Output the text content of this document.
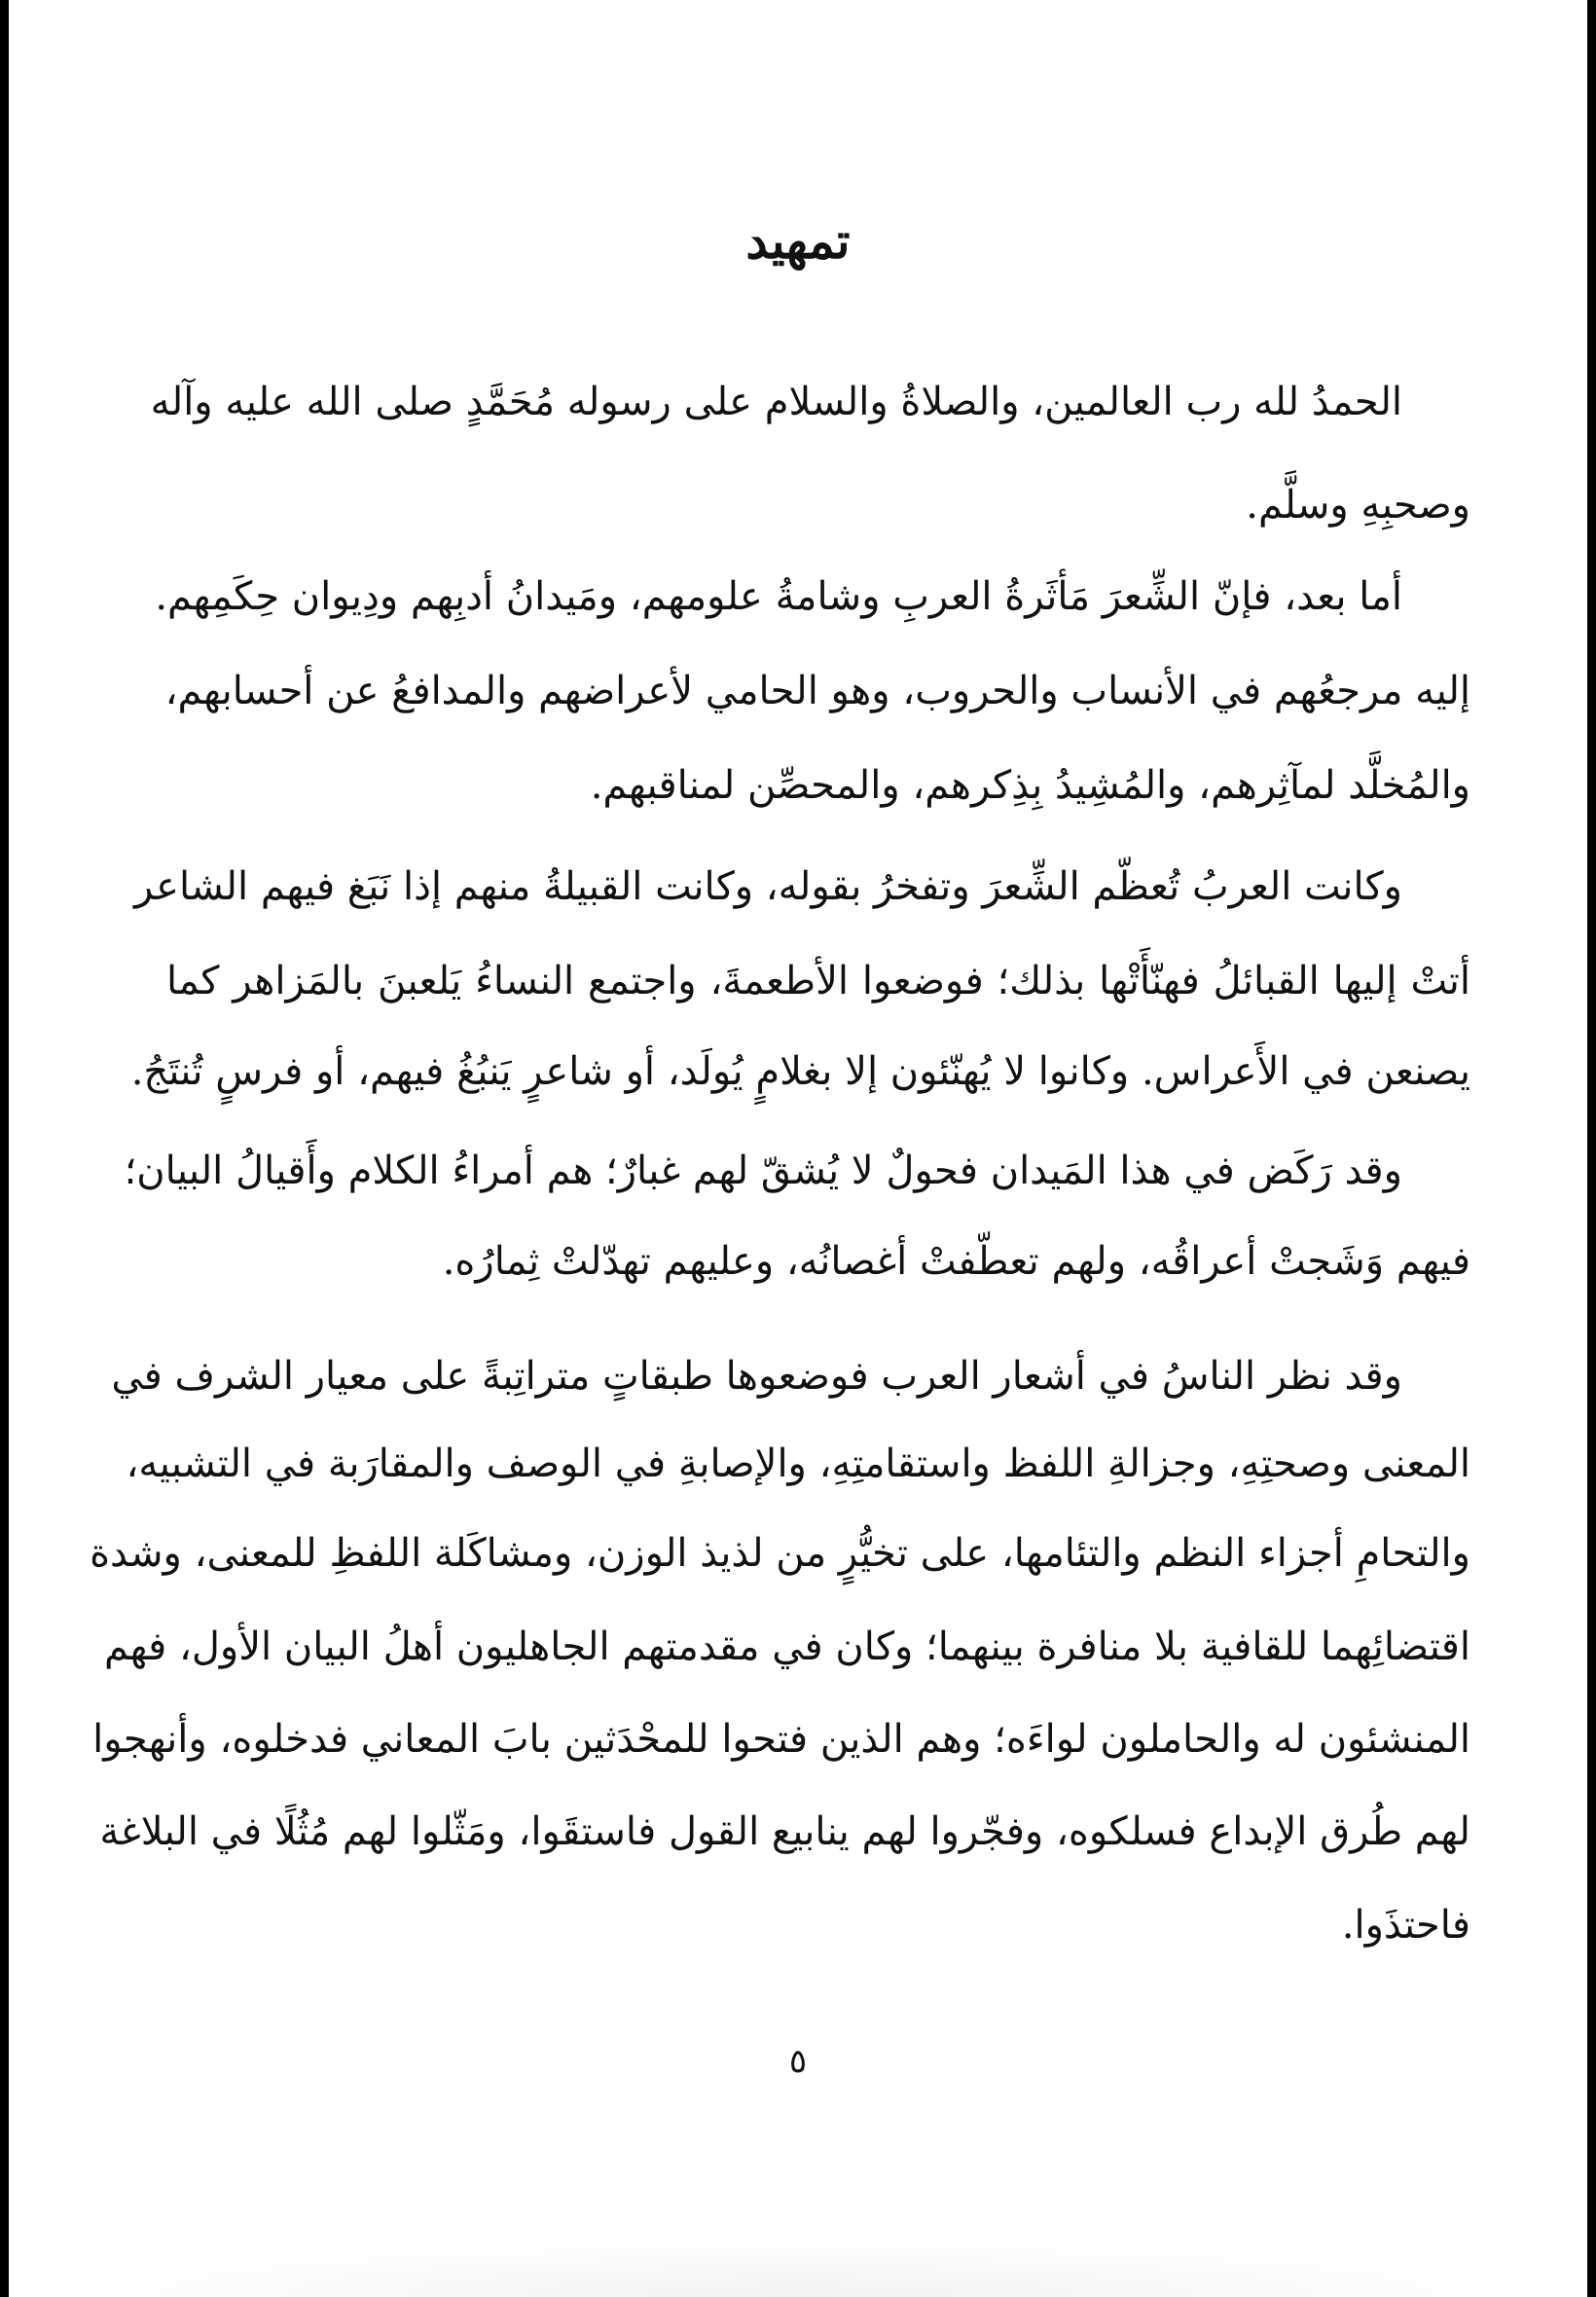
تمهيد
الحمدُ لله رب العالمين، والصلاةُ والسلام على رسوله مُحَمَّدٍ صلى الله عليه وآله
وصحبِهِ وسلَّم.
أما بعد، فإنّ الشِّعرَ مَأثَرةُ العربِ وشامةُ علومهم، ومَيدانُ أدبِهم ودِيوان حِكَمِهم.
إليه مرجعُهم في الأنساب والحروب، وهو الحامي لأعراضهم والمدافعُ عن أحسابهم،
والمُخلَّد لمآثِرهم، والمُشِيدُ بِذِكرهم، والمحصِّن لمناقبهم.
وكانت العربُ تُعظّم الشِّعرَ وتفخرُ بقوله، وكانت القبيلةُ منهم إذا نَبَغ فيهم الشاعر
أتتْ إليها القبائلُ فهنّأَتْها بذلك؛ فوضعوا الأطعمةَ، واجتمع النساءُ يَلعبنَ بالمَزاهر كما
يصنعن في الأَعراس. وكانوا لا يُهنّئون إلا بغلامٍ يُولَد، أو شاعرٍ يَنبُغُ فيهم، أو فرسٍ تُنتَجُ.
وقد رَكَض في هذا المَيدان فحولٌ لا يُشقّ لهم غبارٌ؛ هم أمراءُ الكلام وأَقيالُ البيان؛
فيهم وَشَجتْ أعراقُه، ولهم تعطّفتْ أغصانُه، وعليهم تهدّلتْ ثِمارُه.
وقد نظر الناسُ في أشعار العرب فوضعوها طبقاتٍ متراتِبةً على معيار الشرف في
المعنى وصحتِهِ، وجزالةِ اللفظ واستقامتِهِ، والإصابةِ في الوصف والمقارَبة في التشبيه،
والتحامِ أجزاء النظم والتئامها، على تخيُّرٍ من لذيذ الوزن، ومشاكَلة اللفظِ للمعنى، وشدة
اقتضائِهما للقافية بلا منافرة بينهما؛ وكان في مقدمتهم الجاهليون أهلُ البيان الأول، فهم
المنشئون له والحاملون لواءَه؛ وهم الذين فتحوا للمحْدَثين بابَ المعاني فدخلوه، وأنهجوا
لهم طُرق الإبداع فسلكوه، وفجّروا لهم ينابيع القول فاستقَوا، ومَثّلوا لهم مُثُلًا في البلاغة
فاحتذَوا.
٥
